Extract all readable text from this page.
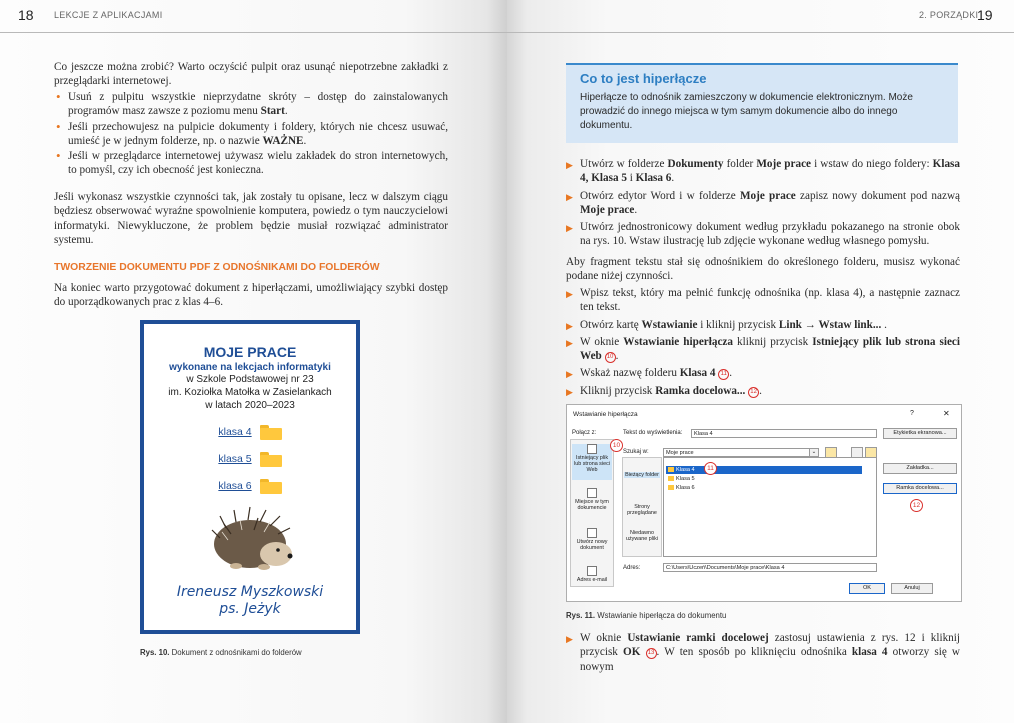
18 LEKCJE Z APLIKACJAMI
Co jeszcze można zrobić? Warto oczyścić pulpit oraz usunąć niepotrzebne zakładki z przeglądarki internetowej.
• Usuń z pulpitu wszystkie nieprzydatne skróty – dostęp do zainstalowanych programów masz zawsze z poziomu menu Start.
• Jeśli przechowujesz na pulpicie dokumenty i foldery, których nie chcesz usuwać, umieść je w jednym folderze, np. o nazwie WAŻNE.
• Jeśli w przeglądarce internetowej używasz wielu zakładek do stron internetowych, to pomyśl, czy ich obecność jest konieczna.
Jeśli wykonasz wszystkie czynności tak, jak zostały tu opisane, lecz w dalszym ciągu będziesz obserwować wyraźne spowolnienie komputera, powiedz o tym nauczycielowi informatyki. Niewykluczone, że problem będzie musiał rozwiązać administrator systemu.
TWORZENIE DOKUMENTU PDF Z ODNOŚNIKAMI DO FOLDERÓW
Na koniec warto przygotować dokument z hiperłączami, umożliwiający szybki dostęp do uporządkowanych prac z klas 4–6.
MOJE PRACE
wykonane na lekcjach informatyki
w Szkole Podstawowej nr 23
im. Koziołka Matołka w Zasielankach
w latach 2020–2023
klasa 4
klasa 5
klasa 6
Ireneusz Myszkowski
ps. Jeżyk
Rys. 10. Dokument z odnośnikami do folderów
2. PORZĄDKI
19
Co to jest hiperłącze
Hiperłącze to odnośnik zamieszczony w dokumencie elektronicznym. Może prowadzić do innego miejsca w tym samym dokumencie albo do innego dokumentu.
▶ Utwórz w folderze Dokumenty folder Moje prace i wstaw do niego foldery: Klasa 4, Klasa 5 i Klasa 6.
▶ Otwórz edytor Word i w folderze Moje prace zapisz nowy dokument pod nazwą Moje prace.
▶ Utwórz jednostronicowy dokument według przykładu pokazanego na stronie obok na rys. 10. Wstaw ilustrację lub zdjęcie wykonane według własnego pomysłu.
Aby fragment tekstu stał się odnośnikiem do określonego folderu, musisz wykonać podane niżej czynności.
▶ Wpisz tekst, który ma pełnić funkcję odnośnika (np. klasa 4), a następnie zaznacz ten tekst.
▶ Otwórz kartę Wstawianie i kliknij przycisk Link → Wstaw link... .
▶ W oknie Wstawianie hiperłącza kliknij przycisk Istniejący plik lub strona sieci Web 10 .
▶ Wskaż nazwę folderu Klasa 4 11 .
▶ Kliknij przycisk Ramka docelowa... 12 .
Wstawianie hiperłącza	?	✕
Połącz z:	Tekst do wyświetlenia:	Klasa 4	Etykietka ekranowa...
Istniejący plik lub strona sieci Web
Miejsce w tym dokumencie
Utwórz nowy dokument
Adres e-mail
Szukaj w:	Moje prace	⌄
Bieżący folder
Strony przeglądane
Niedawno używane pliki
Klasa 4
Klasa 5
Klasa 6
Zakładka...
Ramka docelowa...
Adres:	C:\Users\Uczeń\Documents\Moje prace\Klasa 4
OK	Anuluj
10
11
12
Rys. 11. Wstawianie hiperłącza do dokumentu
▶ W oknie Ustawianie ramki docelowej zastosuj ustawienia z rys. 12 i kliknij przycisk OK 13 . W ten sposób po kliknięciu odnośnika klasa 4 otworzy się w nowym
